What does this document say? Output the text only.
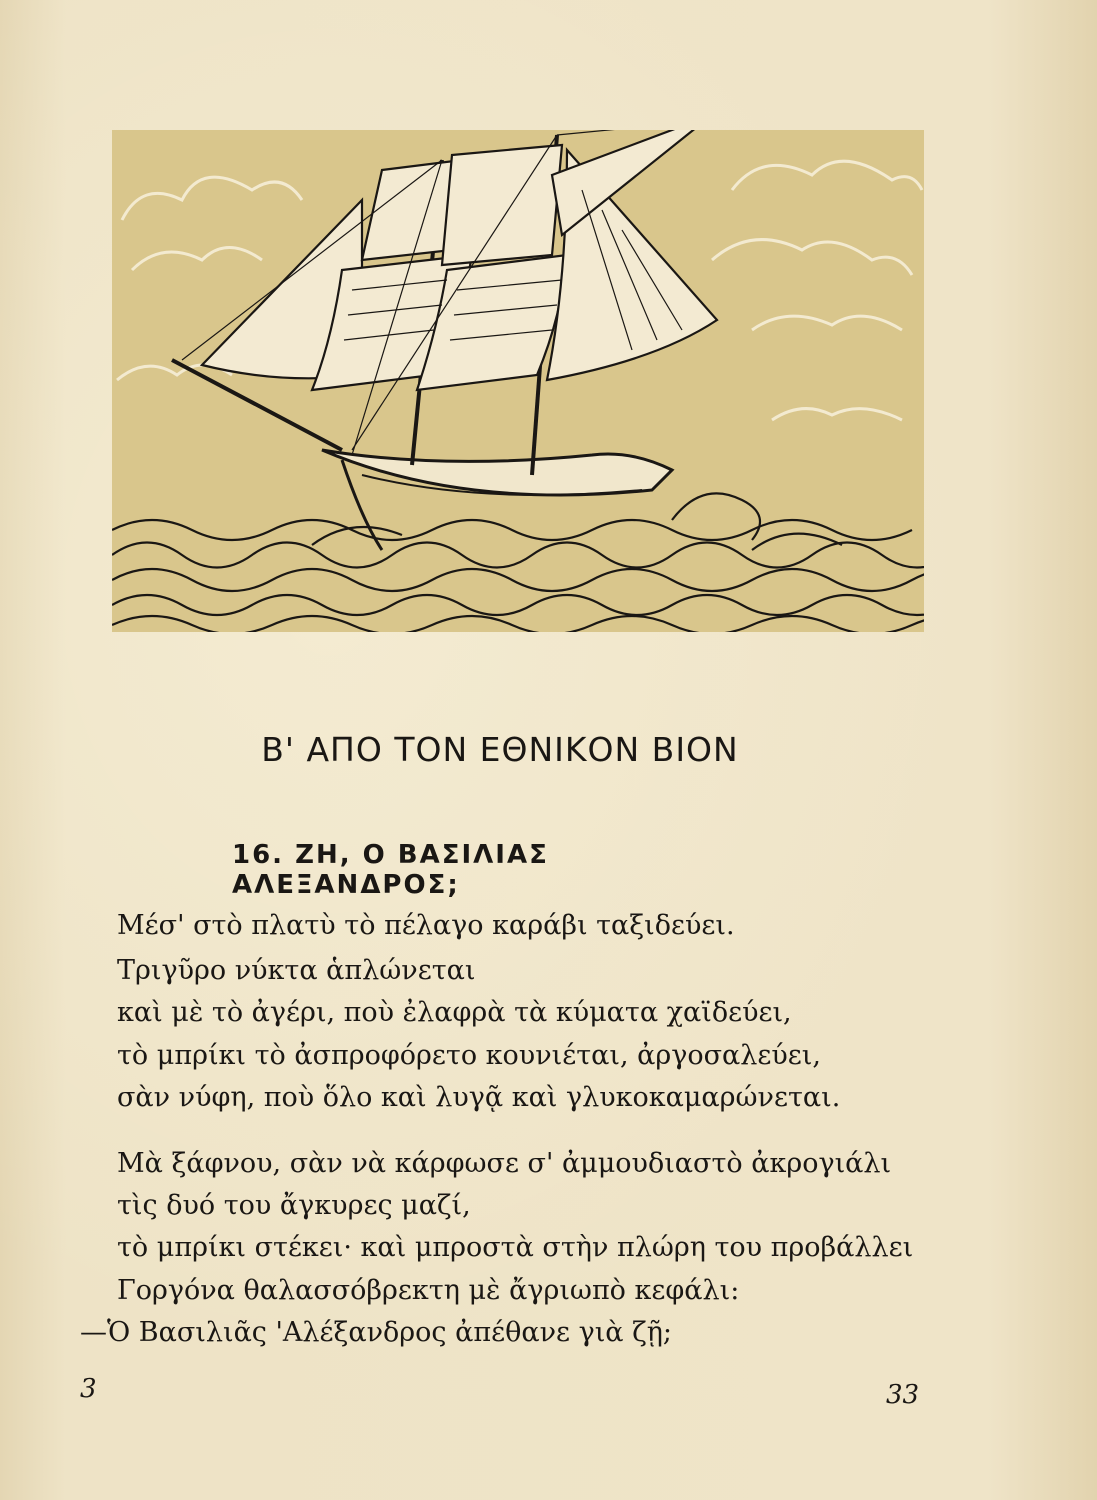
Β' ΑΠΟ ΤΟΝ ΕΘΝΙΚΟΝ ΒΙΟΝ
16. ΖΗ, Ο ΒΑΣΙΛΙΑΣ ΑΛΕΞΑΝΔΡΟΣ;
Μέσ' στὸ πλατὺ τὸ πέλαγο καράβι ταξιδεύει.
Τριγῦρο νύκτα ἁπλώνεται
καὶ μὲ τὸ ἀγέρι, ποὺ ἐλαφρὰ τὰ κύματα χαϊδεύει,
τὸ μπρίκι τὸ ἀσπροφόρετο κουνιέται, ἀργοσαλεύει,
σὰν νύφη, ποὺ ὅλο καὶ λυγᾷ καὶ γλυκοκαμαρώνεται.
Μὰ ξάφνου, σὰν νὰ κάρφωσε σ' ἀμμουδιαστὸ ἀκρογιάλι
τὶς δυό του ἄγκυρες μαζί,
τὸ μπρίκι στέκει· καὶ μπροστὰ στὴν πλώρη του προβάλλει
Γοργόνα θαλασσόβρεκτη μὲ ἄγριωπὸ κεφάλι:
—Ὁ Βασιλιᾶς 'Αλέξανδρος ἀπέθανε γιὰ ζῇ;
3	33
